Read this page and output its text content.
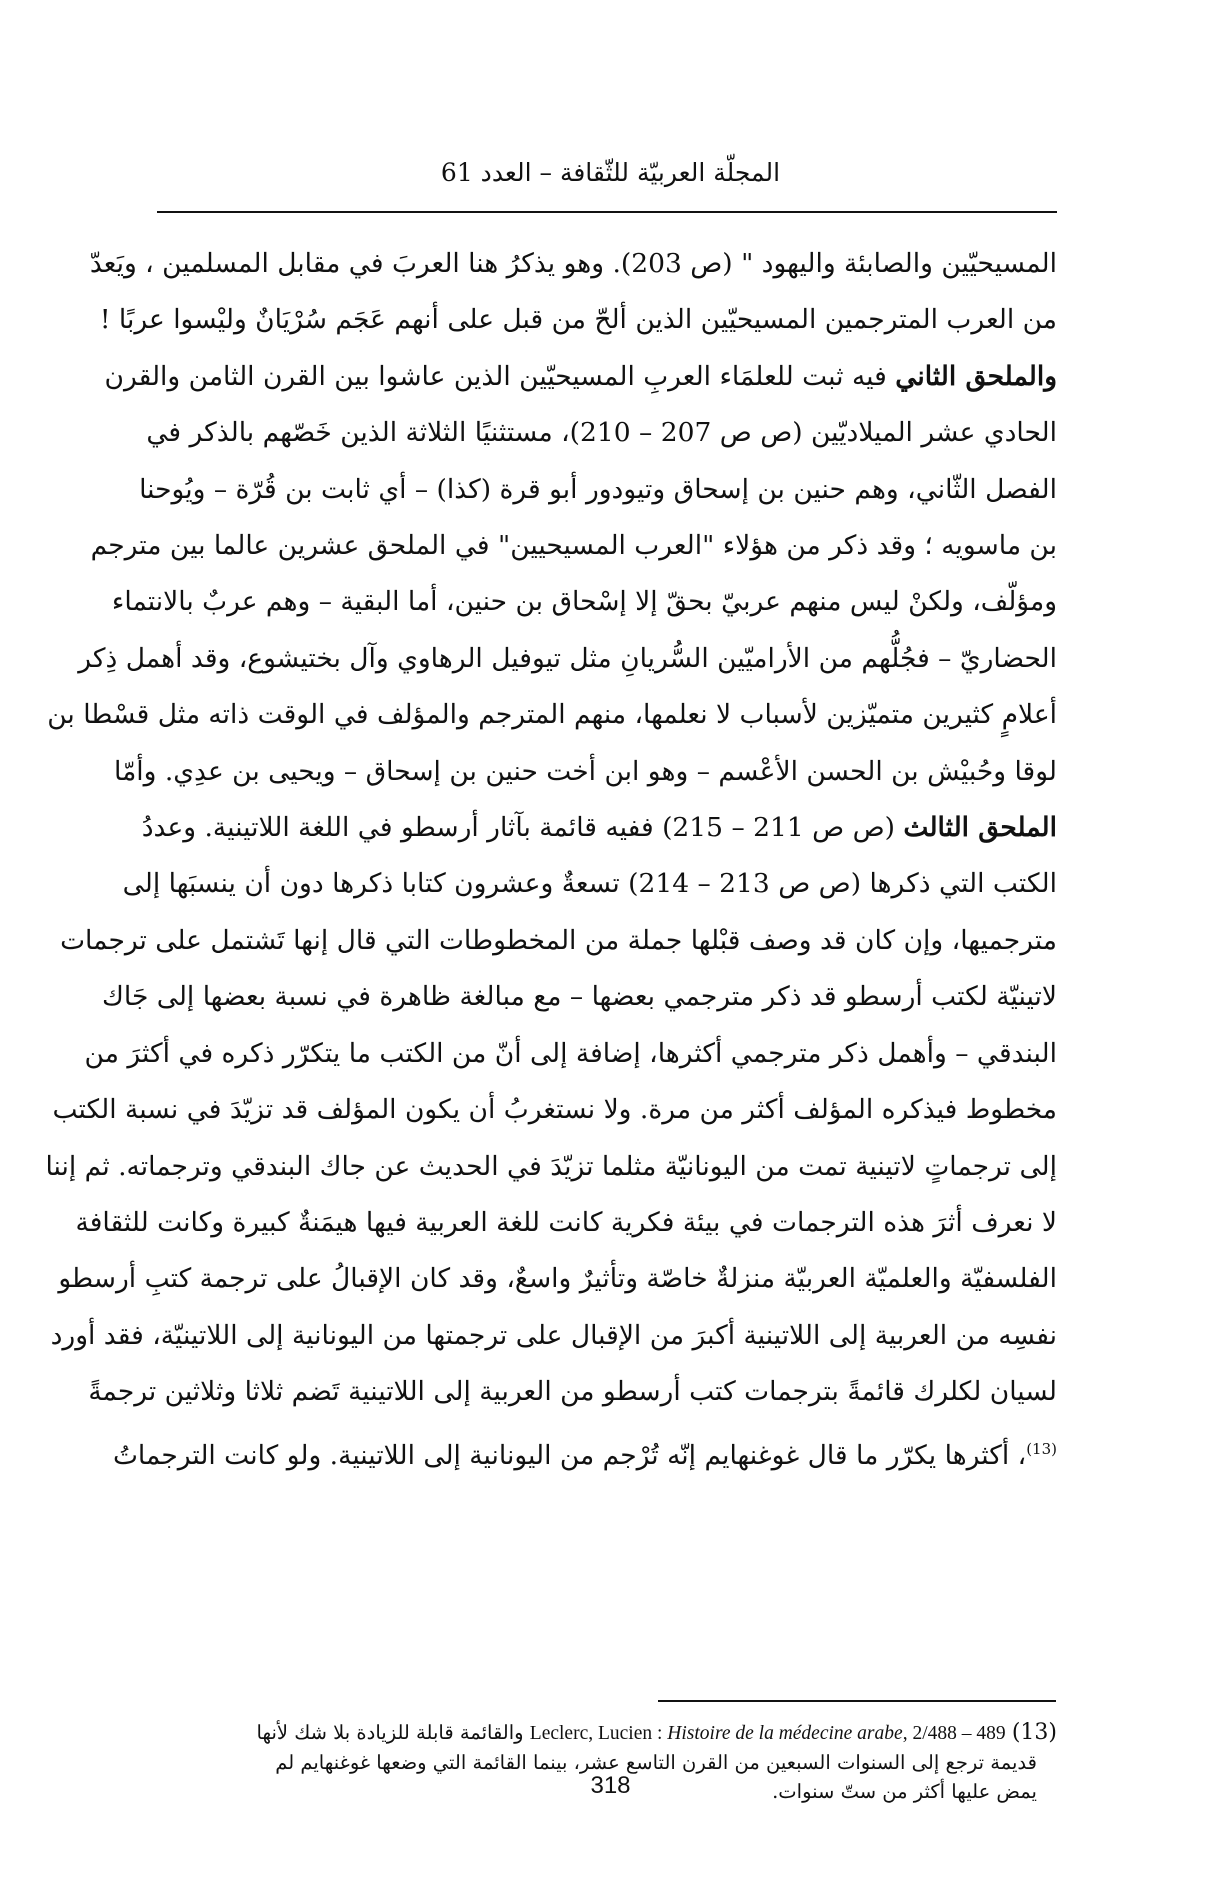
المجلّة العربيّة للثّقافة – العدد 61
المسيحيّين والصابئة واليهود " (ص 203). وهو يذكرُ هنا العربَ في مقابل المسلمين ، ويَعدّ
من العرب المترجمين المسيحيّين الذين ألحّ من قبل على أنهم عَجَم سُرْيَانٌ وليْسوا عربًا !
والملحق الثاني فيه ثبت للعلمَاء العربِ المسيحيّين الذين عاشوا بين القرن الثامن والقرن
الحادي عشر الميلاديّين (ص ص 207 – 210)، مستثنيًا الثلاثة الذين خَصّهم بالذكر في
الفصل الثّاني، وهم حنين بن إسحاق وتيودور أبو قرة (كذا) – أي ثابت بن قُرّة – ويُوحنا
بن ماسويه ؛ وقد ذكر من هؤلاء "العرب المسيحيين" في الملحق عشرين عالما بين مترجم
ومؤلّف، ولكنْ ليس منهم عربيّ بحقّ إلا إسْحاق بن حنين، أما البقية – وهم عربٌ بالانتماء
الحضاريّ – فجُلُّهم من الأراميّين السُّريانِ مثل تيوفيل الرهاوي وآل بختيشوع، وقد أهمل ذِكر
أعلامٍ كثيرين متميّزين لأسباب لا نعلمها، منهم المترجم والمؤلف في الوقت ذاته مثل قسْطا بن
لوقا وحُبيْش بن الحسن الأعْسم – وهو ابن أخت حنين بن إسحاق – ويحيى بن عدِي. وأمّا
الملحق الثالث (ص ص 211 – 215) ففيه قائمة بآثار أرسطو في اللغة اللاتينية. وعددُ
الكتب التي ذكرها (ص ص 213 – 214) تسعةٌ وعشرون كتابا ذكرها دون أن ينسبَها إلى
مترجميها، وإن كان قد وصف قبْلها جملة من المخطوطات التي قال إنها تَشتمل على ترجمات
لاتينيّة لكتب أرسطو قد ذكر مترجمي بعضها – مع مبالغة ظاهرة في نسبة بعضها إلى جَاك
البندقي – وأهمل ذكر مترجمي أكثرها، إضافة إلى أنّ من الكتب ما يتكرّر ذكره في أكثرَ من
مخطوط فيذكره المؤلف أكثر من مرة. ولا نستغربُ أن يكون المؤلف قد تزيّدَ في نسبة الكتب
إلى ترجماتٍ لاتينية تمت من اليونانيّة مثلما تزيّدَ في الحديث عن جاك البندقي وترجماته. ثم إننا
لا نعرف أثرَ هذه الترجمات في بيئة فكرية كانت للغة العربية فيها هيمَنةٌ كبيرة وكانت للثقافة
الفلسفيّة والعلميّة العربيّة منزلةٌ خاصّة وتأثيرٌ واسعٌ، وقد كان الإقبالُ على ترجمة كتبِ أرسطو
نفسِه من العربية إلى اللاتينية أكبرَ من الإقبال على ترجمتها من اليونانية إلى اللاتينيّة، فقد أورد
لسيان لكلرك قائمةً بترجمات كتب أرسطو من العربية إلى اللاتينية تَضم ثلاثا وثلاثين ترجمةً
$^{(13)}$، أكثرها يكرّر ما قال غوغنهايم إنّه تُرْجم من اليونانية إلى اللاتينية. ولو كانت الترجماتُ
(13) Leclerc, Lucien : Histoire de la médecine arabe, 2/488 – 489 والقائمة قابلة للزيادة بلا شك لأنها
قديمة ترجع إلى السنوات السبعين من القرن التاسع عشر، بينما القائمة التي وضعها غوغنهايم لم
يمض عليها أكثر من ستّ سنوات.
318
